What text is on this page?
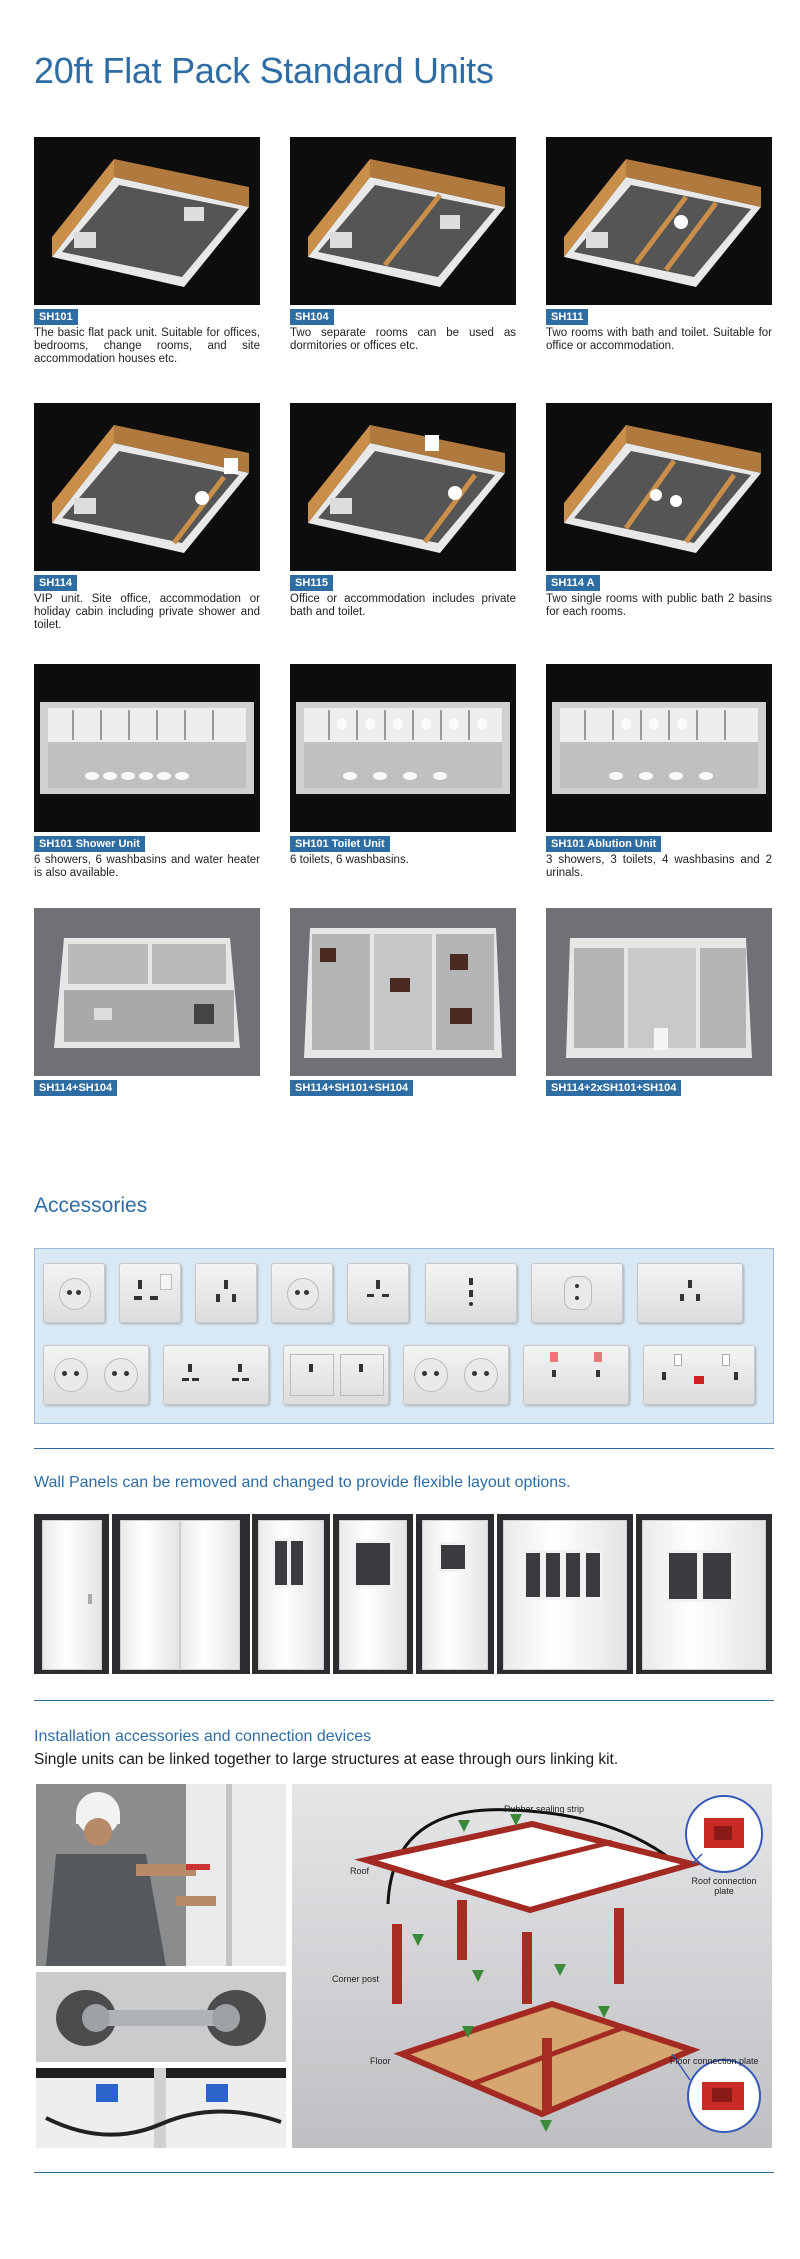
20ft Flat Pack Standard Units
SH101
The basic flat pack unit. Suitable for offices, bedrooms, change rooms, and site accommodation houses etc.
SH104
Two separate rooms can be used as dormitories or offices etc.
SH111
Two rooms with bath and toilet. Suitable for office or accommodation.
SH114
VIP unit. Site office, accommodation or holiday cabin including private shower and toilet.
SH115
Office or accommodation includes private bath and toilet.
SH114 A
Two single rooms with public bath 2 basins for each rooms.
SH101 Shower Unit
6 showers, 6 washbasins and water heater is also available.
SH101 Toilet Unit
6 toilets, 6 washbasins.
SH101 Ablution Unit
3 showers, 3 toilets, 4 washbasins and 2 urinals.
SH114+SH104	SH114+SH101+SH104	SH114+2xSH101+SH104
Accessories
Wall Panels can be removed and changed to provide flexible layout options.
Installation accessories and connection devices
Single units can be linked together to large structures at ease through ours linking kit.
Rubber sealing strip
Roof
Roof connection plate
Corner post
Floor	Floor connection plate
